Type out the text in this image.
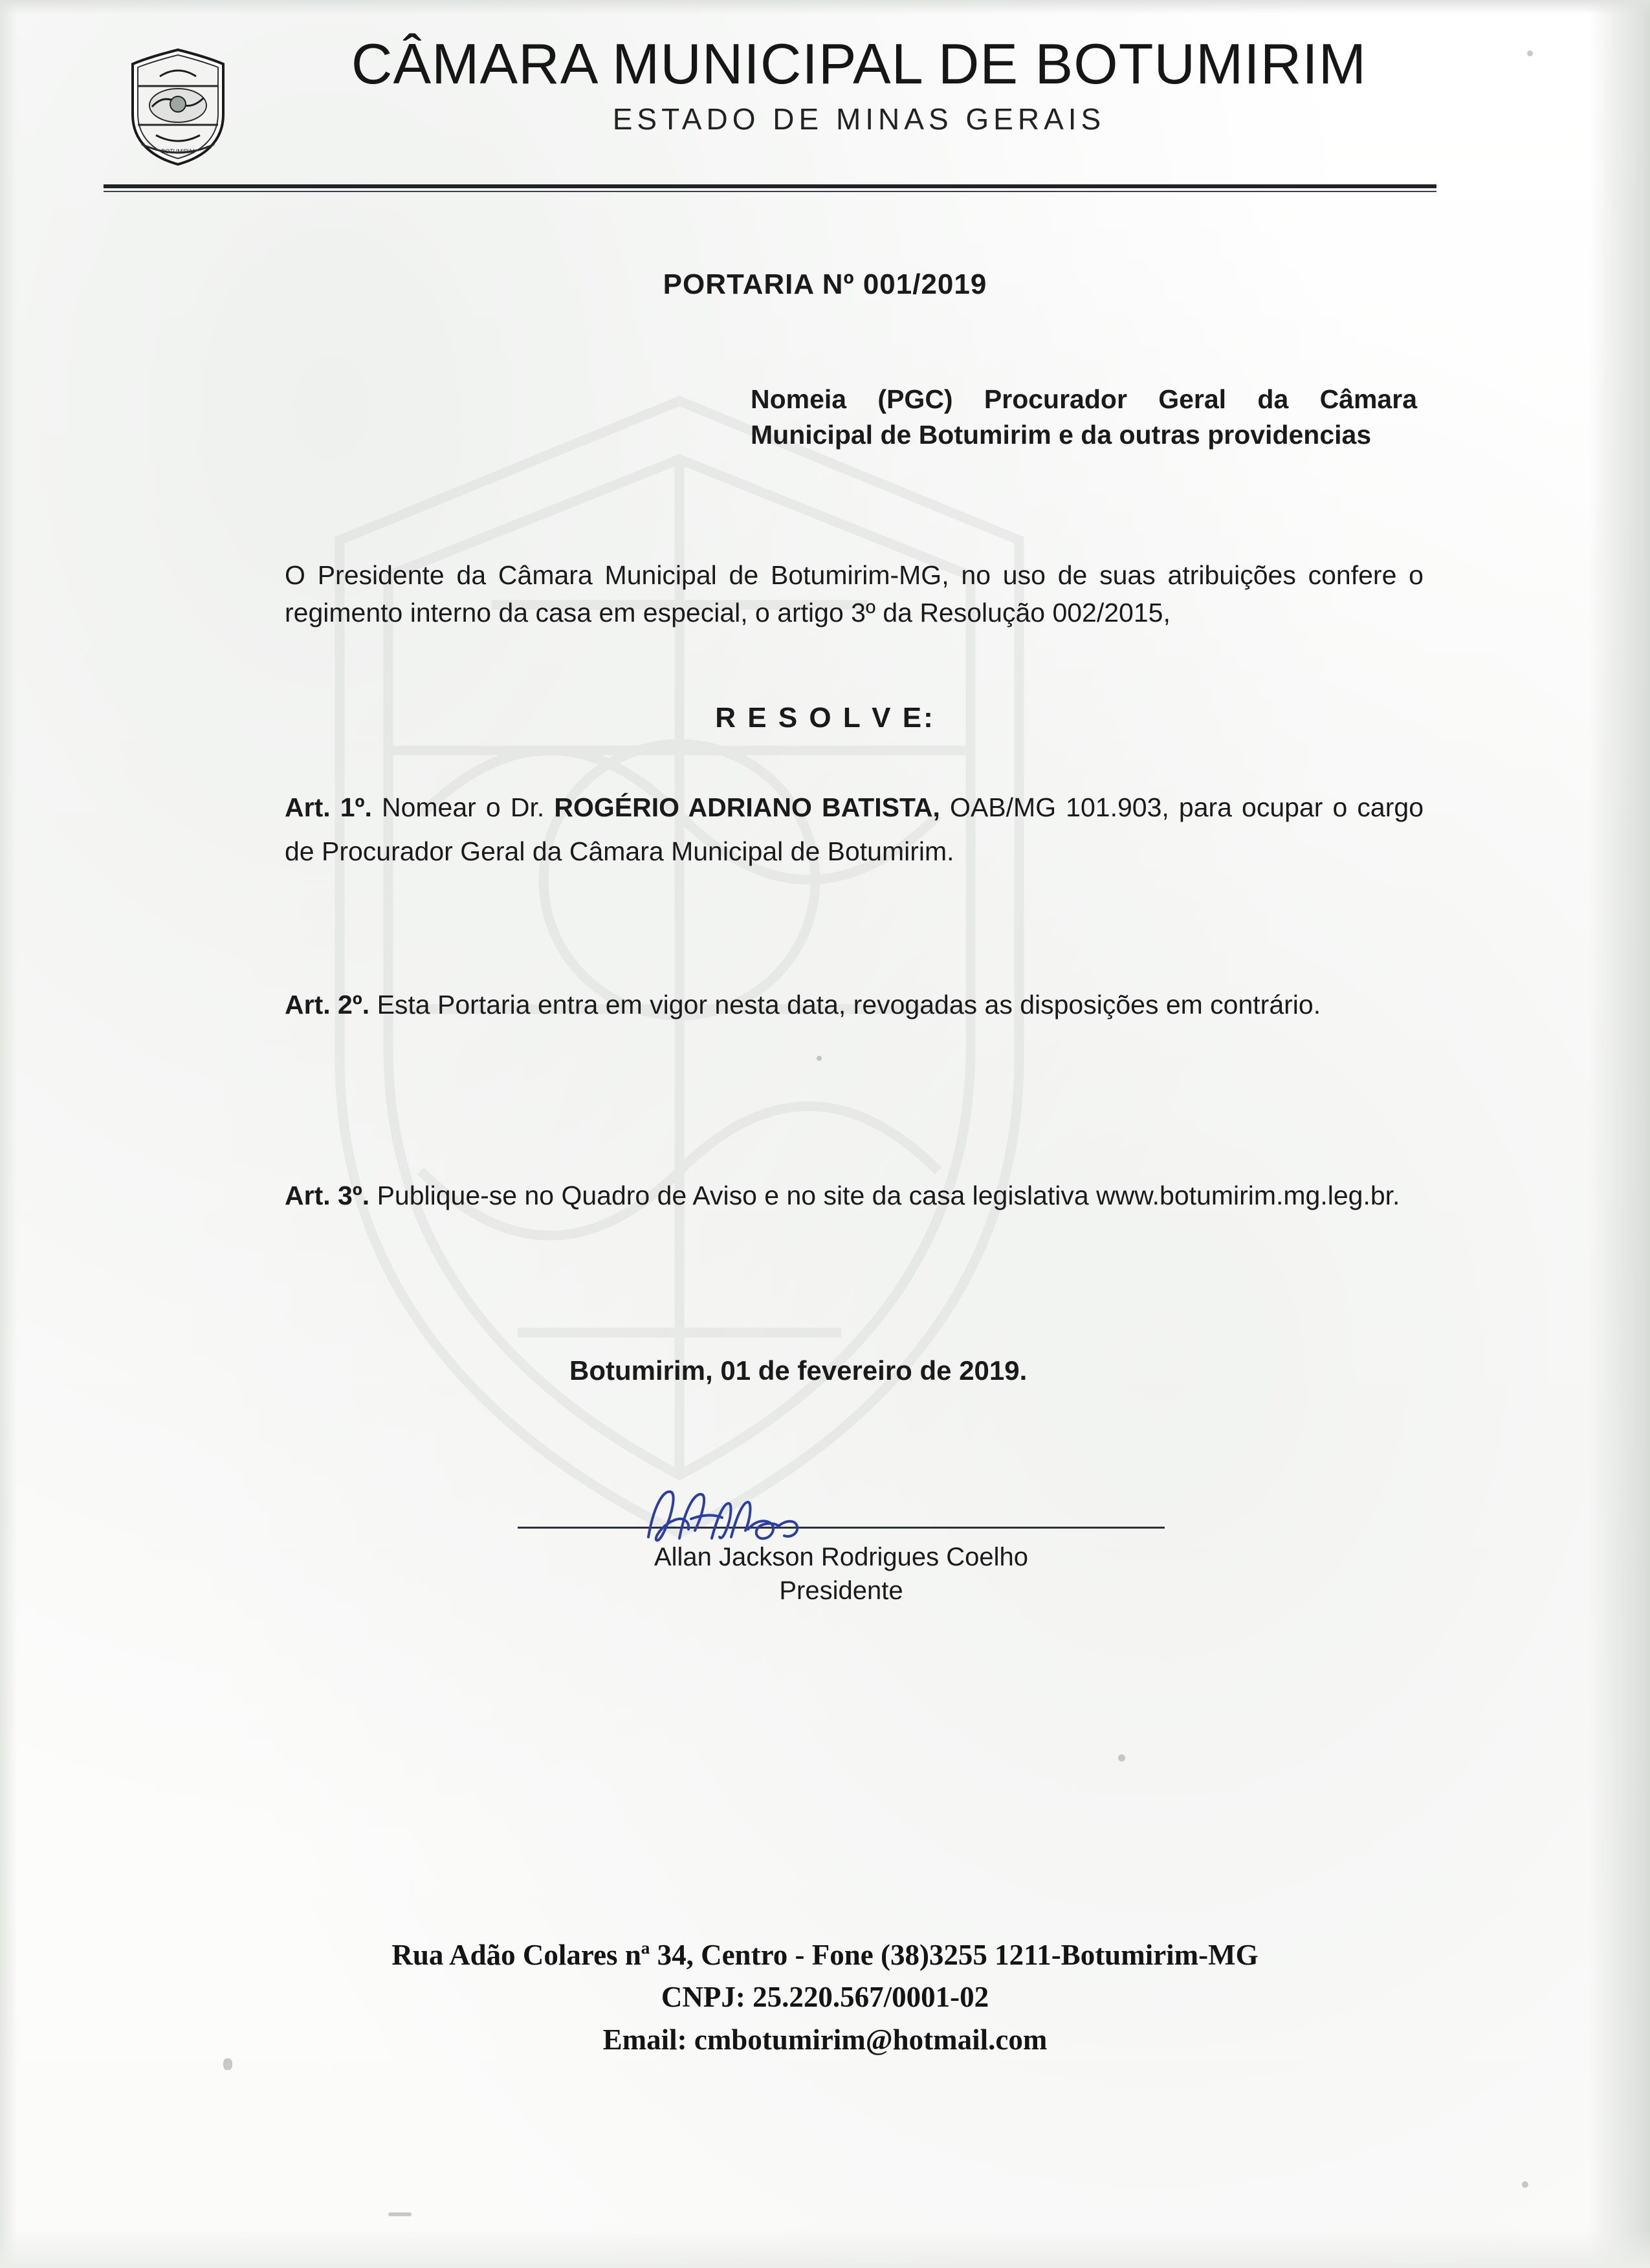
BOTUMIRIM
CÂMARA MUNICIPAL DE BOTUMIRIM
ESTADO DE MINAS GERAIS
PORTARIA Nº 001/2019
Nomeia (PGC) Procurador Geral da Câmara Municipal de Botumirim e da outras providencias
O Presidente da Câmara Municipal de Botumirim-MG, no uso de suas atribuições confere o regimento interno da casa em especial, o artigo 3º da Resolução 002/2015,
R E S O L V E:
Art. 1º. Nomear o Dr. ROGÉRIO ADRIANO BATISTA, OAB/MG 101.903, para ocupar o cargo de Procurador Geral da Câmara Municipal de Botumirim.
Art. 2º. Esta Portaria entra em vigor nesta data, revogadas as disposições em contrário.
Art. 3º. Publique-se no Quadro de Aviso e no site da casa legislativa www.botumirim.mg.leg.br.
Botumirim, 01 de fevereiro de 2019.
Allan Jackson Rodrigues Coelho
Presidente
Rua Adão Colares nª 34, Centro - Fone (38)3255 1211-Botumirim-MG
CNPJ: 25.220.567/0001-02
Email: cmbotumirim@hotmail.com
